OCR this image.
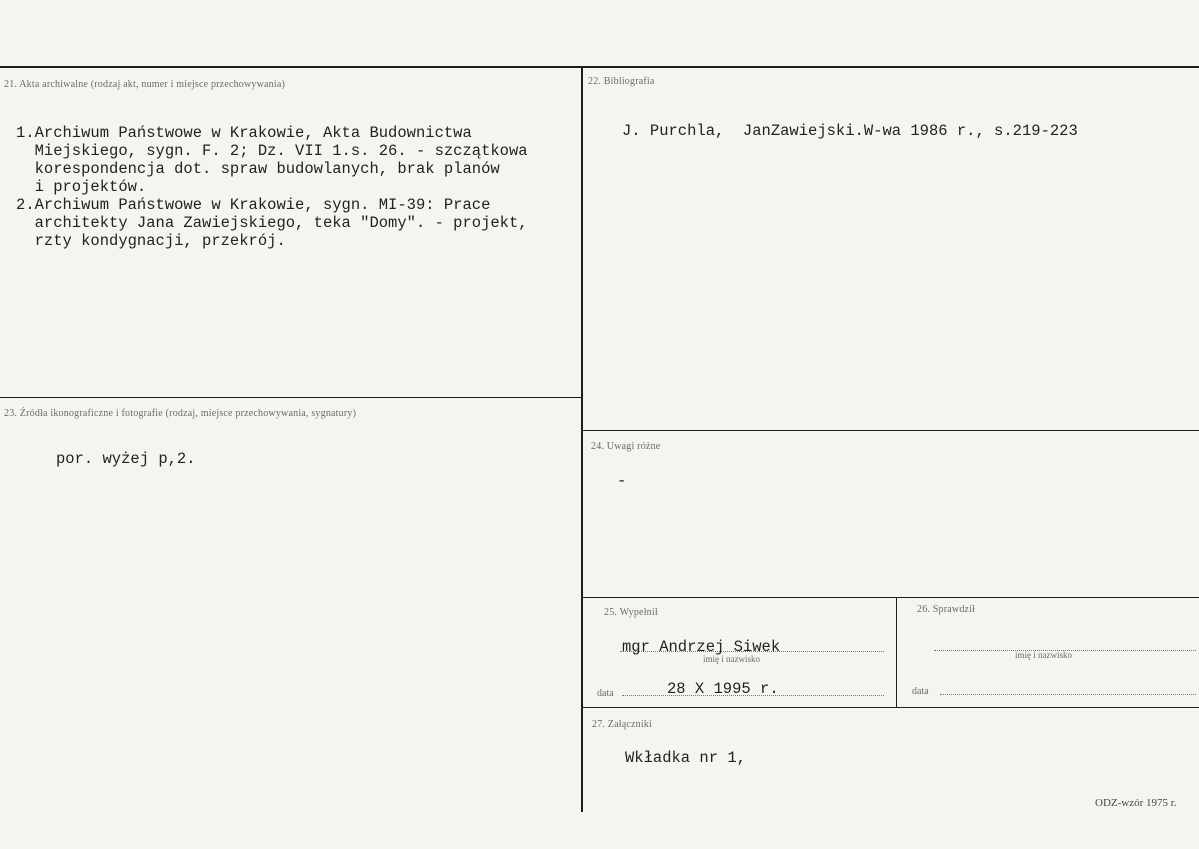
21. Akta archiwalne (rodzaj akt, numer i miejsce przechowywania)
1.Archiwum Państwowe w Krakowie, Akta Budownictwa
Miejskiego, sygn. F. 2; Dz. VII 1.s. 26. - szczątkowa
korespondencja dot. spraw budowlanych, brak planów
i projektów.
2.Archiwum Państwowe w Krakowie, sygn. MI-39: Prace
architekty Jana Zawiejskiego, teka "Domy". - projekt,
rzty kondygnacji, przekrój.
22. Bibliografia
J. Purchla,  JanZawiejski.W-wa 1986 r., s.219-223
23. Źródła ikonograficzne i fotografie (rodzaj, miejsce przechowywania, sygnatury)
por. wyżej p,2.
24. Uwagi różne
-
25. Wypełnił
mgr Andrzej Siwek
imię i nazwisko
data	28 X 1995 r.
26. Sprawdził
imię i nazwisko
data
27. Załączniki
Wkładka nr 1,
ODZ-wzór 1975 r.
